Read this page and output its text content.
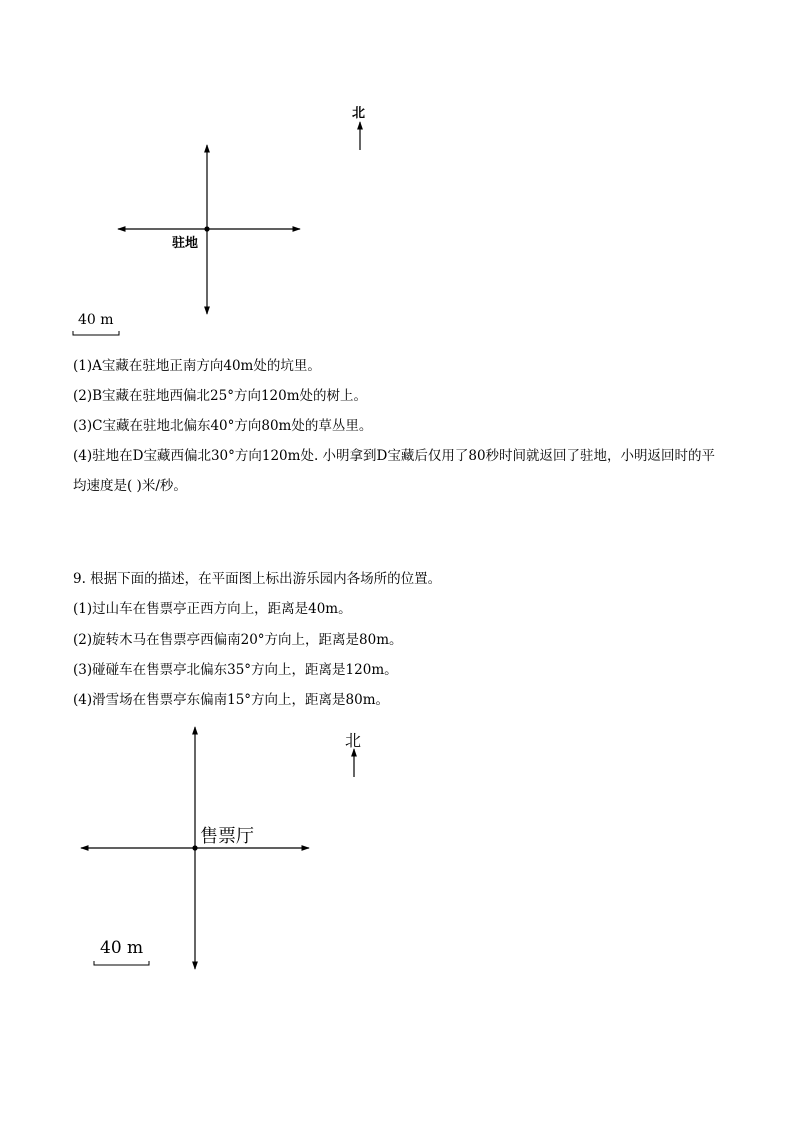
北
驻地
40 m
(1)A宝藏在驻地正南方向40m处的坑里。
(2)B宝藏在驻地西偏北25°方向120m处的树上。
(3)C宝藏在驻地北偏东40°方向80m处的草丛里。
(4)驻地在D宝藏西偏北30°方向120m处. 小明拿到D宝藏后仅用了80秒时间就返回了驻地，小明返回时的平均速度是( )米/秒。
9. 根据下面的描述，在平面图上标出游乐园内各场所的位置。
(1)过山车在售票亭正西方向上，距离是40m。
(2)旋转木马在售票亭西偏南20°方向上，距离是80m。
(3)碰碰车在售票亭北偏东35°方向上，距离是120m。
(4)滑雪场在售票亭东偏南15°方向上，距离是80m。
北
售票厅
40 m
